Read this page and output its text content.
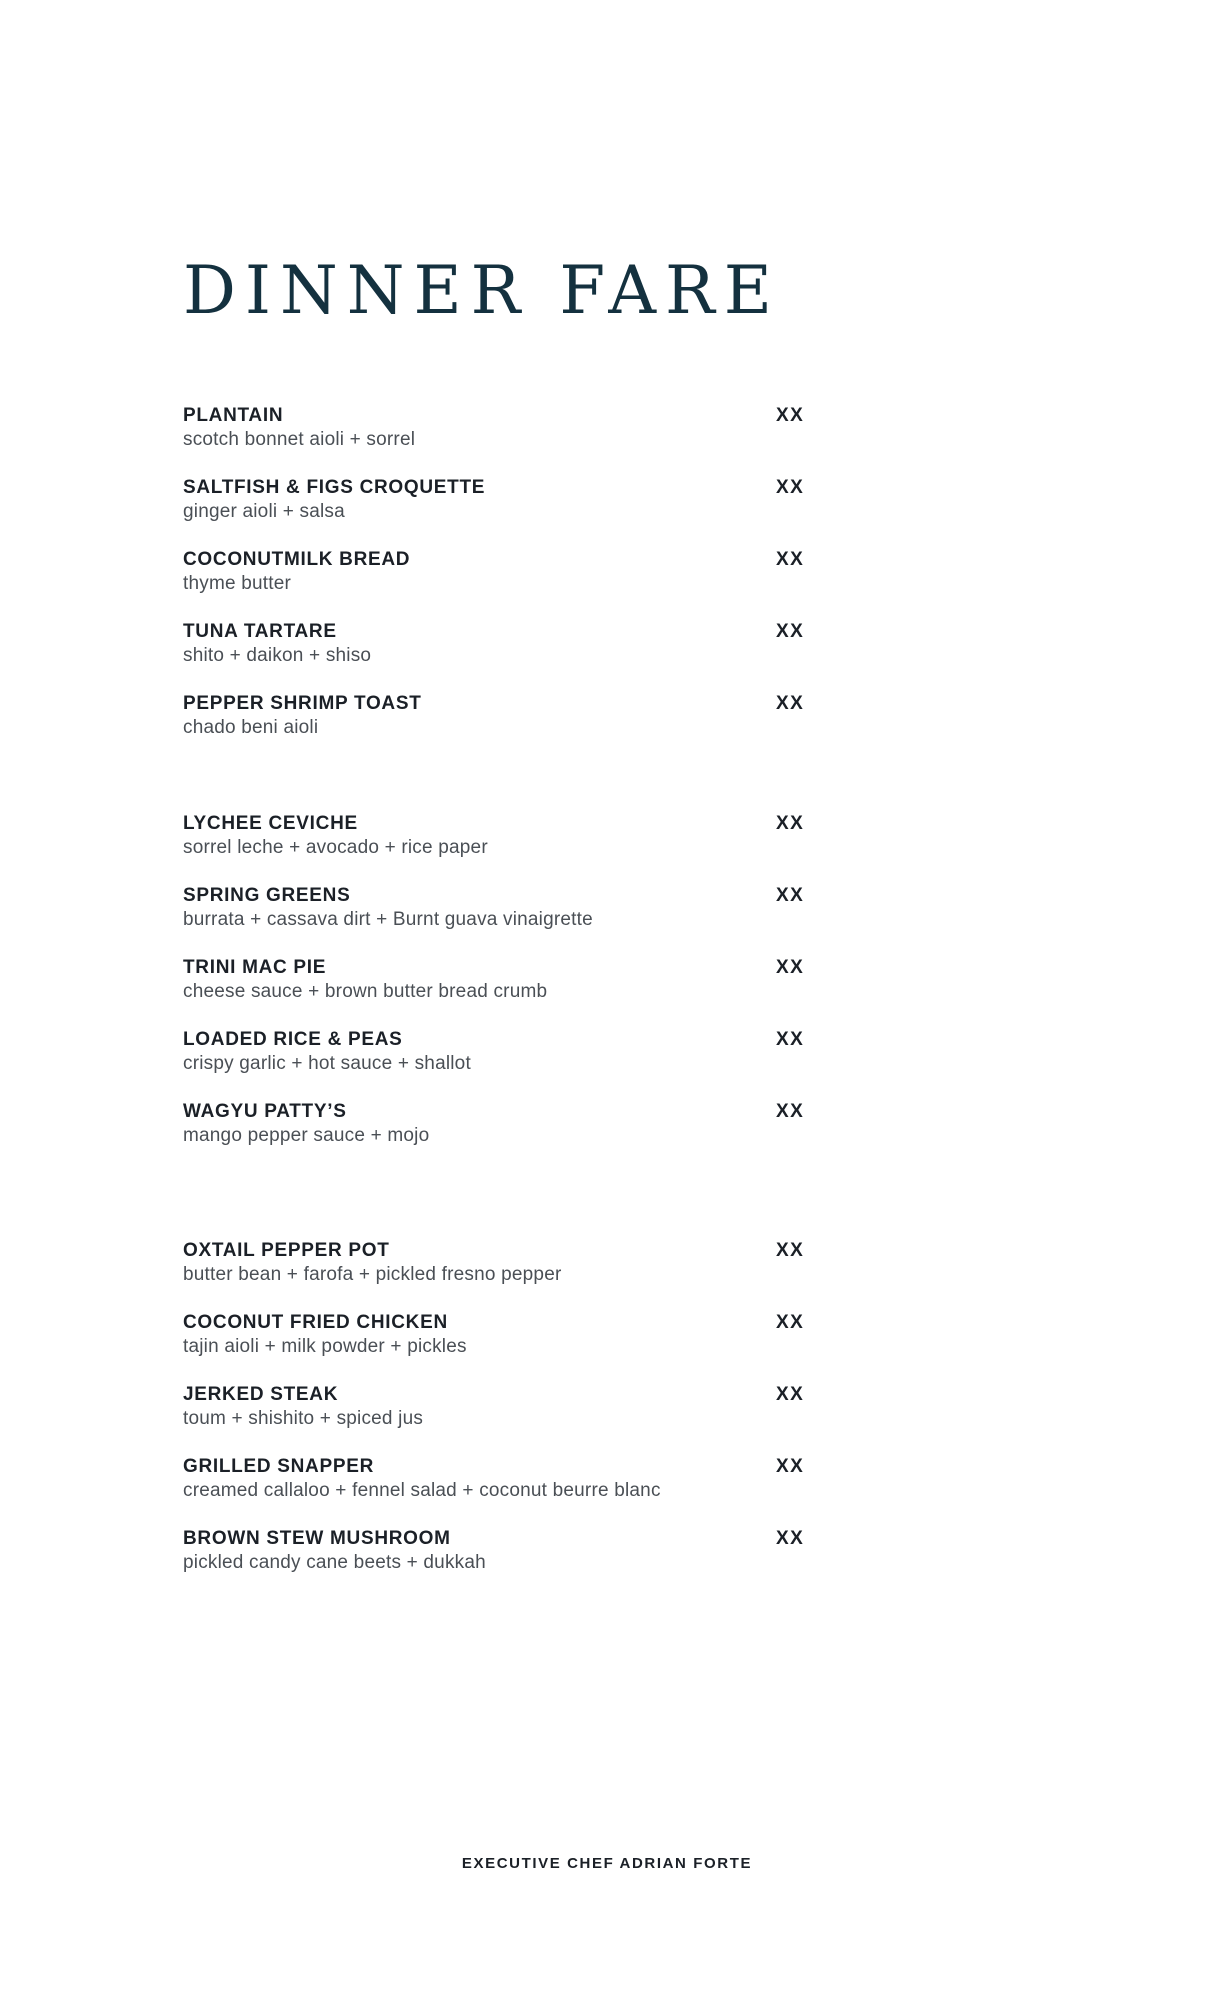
DINNER FARE
PLANTAIN
scotch bonnet aioli + sorrel
XX
SALTFISH & FIGS CROQUETTE
ginger aioli + salsa
XX
COCONUTMILK BREAD
thyme butter
XX
TUNA TARTARE
shito + daikon + shiso
XX
PEPPER SHRIMP TOAST
chado beni aioli
XX
LYCHEE CEVICHE
sorrel leche + avocado + rice paper
XX
SPRING GREENS
burrata + cassava dirt + Burnt guava vinaigrette
XX
TRINI MAC PIE
cheese sauce + brown butter bread crumb
XX
LOADED RICE & PEAS
crispy garlic + hot sauce + shallot
XX
WAGYU PATTY’S
mango pepper sauce + mojo
XX
OXTAIL PEPPER POT
butter bean + farofa + pickled fresno pepper
XX
COCONUT FRIED CHICKEN
tajin aioli + milk powder + pickles
XX
JERKED STEAK
toum + shishito + spiced jus
XX
GRILLED SNAPPER
creamed callaloo + fennel salad + coconut beurre blanc
XX
BROWN STEW MUSHROOM
pickled candy cane beets + dukkah
XX
EXECUTIVE CHEF ADRIAN FORTE
